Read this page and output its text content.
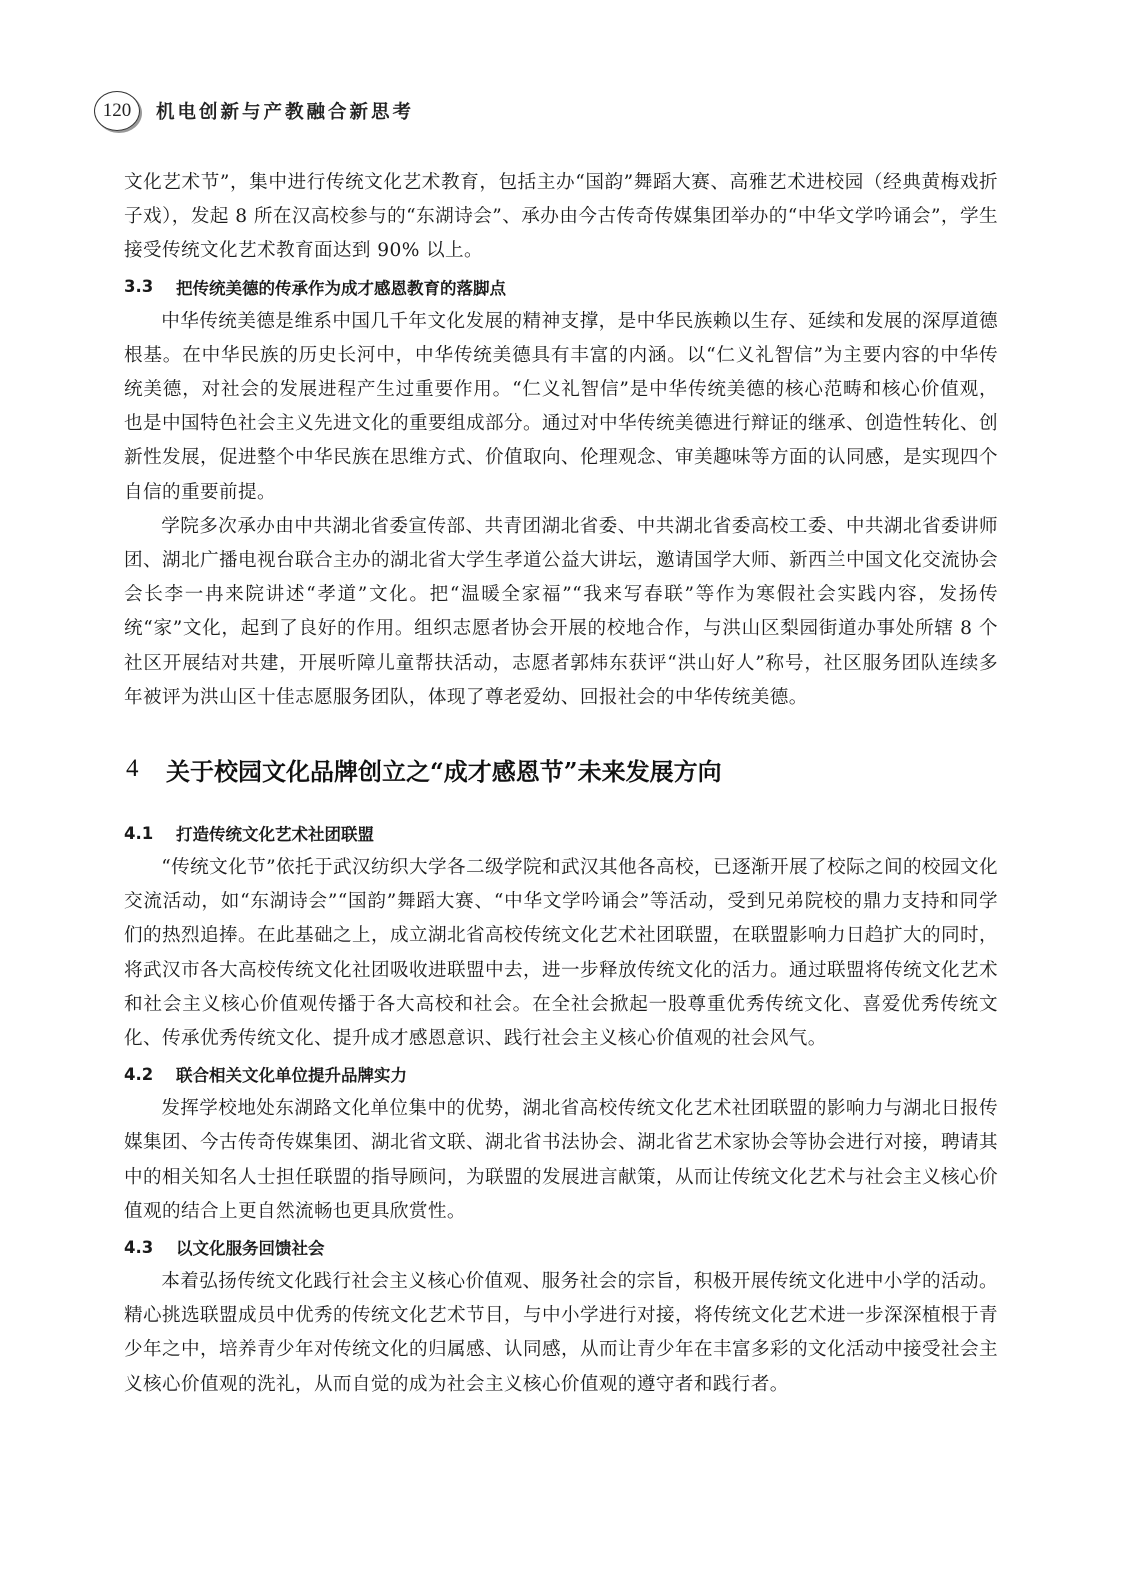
120	机电创新与产教融合新思考

文化艺术节”，集中进行传统文化艺术教育，包括主办“国韵”舞蹈大赛、高雅艺术进校园（经典黄梅戏折子戏），发起 8 所在汉高校参与的“东湖诗会”、承办由今古传奇传媒集团举办的“中华文学吟诵会”，学生接受传统文化艺术教育面达到 90% 以上。

3.3	把传统美德的传承作为成才感恩教育的落脚点

中华传统美德是维系中国几千年文化发展的精神支撑，是中华民族赖以生存、延续和发展的深厚道德根基。在中华民族的历史长河中，中华传统美德具有丰富的内涵。以“仁义礼智信”为主要内容的中华传统美德，对社会的发展进程产生过重要作用。“仁义礼智信”是中华传统美德的核心范畴和核心价值观，也是中国特色社会主义先进文化的重要组成部分。通过对中华传统美德进行辩证的继承、创造性转化、创新性发展，促进整个中华民族在思维方式、价值取向、伦理观念、审美趣味等方面的认同感，是实现四个自信的重要前提。

学院多次承办由中共湖北省委宣传部、共青团湖北省委、中共湖北省委高校工委、中共湖北省委讲师团、湖北广播电视台联合主办的湖北省大学生孝道公益大讲坛，邀请国学大师、新西兰中国文化交流协会会长李一冉来院讲述“孝道”文化。把“温暖全家福”“我来写春联”等作为寒假社会实践内容，发扬传统“家”文化，起到了良好的作用。组织志愿者协会开展的校地合作，与洪山区梨园街道办事处所辖 8 个社区开展结对共建，开展听障儿童帮扶活动，志愿者郭炜东获评“洪山好人”称号，社区服务团队连续多年被评为洪山区十佳志愿服务团队，体现了尊老爱幼、回报社会的中华传统美德。

4	关于校园文化品牌创立之“成才感恩节”未来发展方向
4.1	打造传统文化艺术社团联盟

“传统文化节”依托于武汉纺织大学各二级学院和武汉其他各高校，已逐渐开展了校际之间的校园文化交流活动，如“东湖诗会”“国韵”舞蹈大赛、“中华文学吟诵会”等活动，受到兄弟院校的鼎力支持和同学们的热烈追捧。在此基础之上，成立湖北省高校传统文化艺术社团联盟，在联盟影响力日趋扩大的同时，将武汉市各大高校传统文化社团吸收进联盟中去，进一步释放传统文化的活力。通过联盟将传统文化艺术和社会主义核心价值观传播于各大高校和社会。在全社会掀起一股尊重优秀传统文化、喜爱优秀传统文化、传承优秀传统文化、提升成才感恩意识、践行社会主义核心价值观的社会风气。

4.2	联合相关文化单位提升品牌实力

发挥学校地处东湖路文化单位集中的优势，湖北省高校传统文化艺术社团联盟的影响力与湖北日报传媒集团、今古传奇传媒集团、湖北省文联、湖北省书法协会、湖北省艺术家协会等协会进行对接，聘请其中的相关知名人士担任联盟的指导顾问，为联盟的发展进言献策，从而让传统文化艺术与社会主义核心价值观的结合上更自然流畅也更具欣赏性。

4.3	以文化服务回馈社会

本着弘扬传统文化践行社会主义核心价值观、服务社会的宗旨，积极开展传统文化进中小学的活动。精心挑选联盟成员中优秀的传统文化艺术节目，与中小学进行对接，将传统文化艺术进一步深深植根于青少年之中，培养青少年对传统文化的归属感、认同感，从而让青少年在丰富多彩的文化活动中接受社会主义核心价值观的洗礼，从而自觉的成为社会主义核心价值观的遵守者和践行者。
